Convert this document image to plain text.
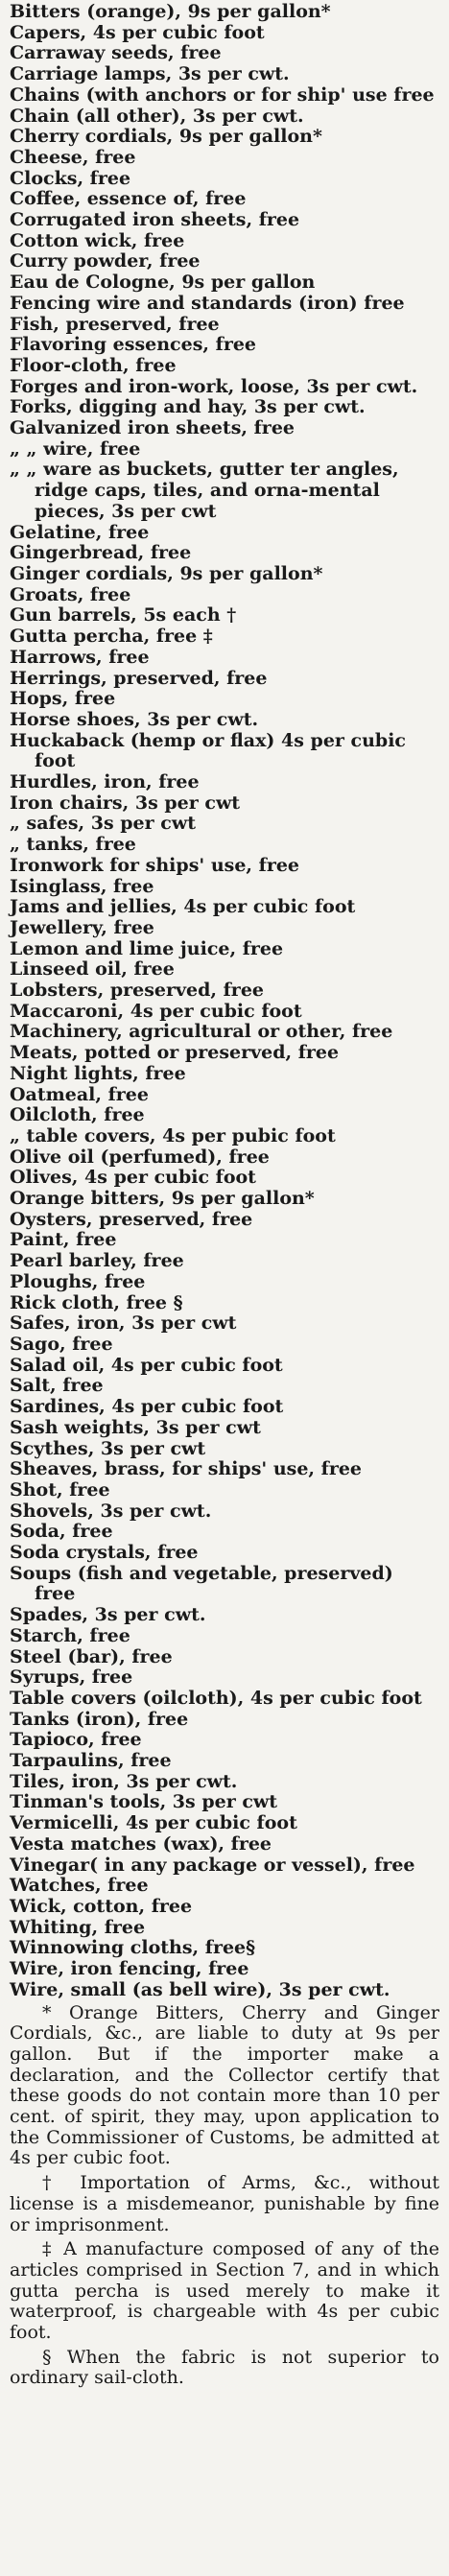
Bitters (orange), 9s per gallon*
Capers, 4s per cubic foot
Carraway seeds, free
Carriage lamps, 3s per cwt.
Chains (with anchors or for ship' use free
Chain (all other), 3s per cwt.
Cherry cordials, 9s per gallon*
Cheese, free
Clocks, free
Coffee, essence of, free
Corrugated iron sheets, free
Cotton wick, free
Curry powder, free
Eau de Cologne, 9s per gallon
Fencing wire and standards (iron) free
Fish, preserved, free
Flavoring essences, free
Floor-cloth, free
Forges and iron-work, loose, 3s per cwt.
Forks, digging and hay, 3s per cwt.
Galvanized iron sheets, free
„ „ wire, free
„ „ ware as buckets, gutter ter angles, ridge caps, tiles, and orna-mental pieces, 3s per cwt
Gelatine, free
Gingerbread, free
Ginger cordials, 9s per gallon*
Groats, free
Gun barrels, 5s each †
Gutta percha, free ‡
Harrows, free
Herrings, preserved, free
Hops, free
Horse shoes, 3s per cwt.
Huckaback (hemp or flax) 4s per cubic foot
Hurdles, iron, free
Iron chairs, 3s per cwt
„ safes, 3s per cwt
„ tanks, free
Ironwork for ships' use, free
Isinglass, free
Jams and jellies, 4s per cubic foot
Jewellery, free
Lemon and lime juice, free
Linseed oil, free
Lobsters, preserved, free
Maccaroni, 4s per cubic foot
Machinery, agricultural or other, free
Meats, potted or preserved, free
Night lights, free
Oatmeal, free
Oilcloth, free
„ table covers, 4s per pubic foot
Olive oil (perfumed), free
Olives, 4s per cubic foot
Orange bitters, 9s per gallon*
Oysters, preserved, free
Paint, free
Pearl barley, free
Ploughs, free
Rick cloth, free §
Safes, iron, 3s per cwt
Sago, free
Salad oil, 4s per cubic foot
Salt, free
Sardines, 4s per cubic foot
Sash weights, 3s per cwt
Scythes, 3s per cwt
Sheaves, brass, for ships' use, free
Shot, free
Shovels, 3s per cwt.
Soda, free
Soda crystals, free
Soups (fish and vegetable, preserved) free
Spades, 3s per cwt.
Starch, free
Steel (bar), free
Syrups, free
Table covers (oilcloth), 4s per cubic foot
Tanks (iron), free
Tapioco, free
Tarpaulins, free
Tiles, iron, 3s per cwt.
Tinman's tools, 3s per cwt
Vermicelli, 4s per cubic foot
Vesta matches (wax), free
Vinegar( in any package or vessel), free
Watches, free
Wick, cotton, free
Whiting, free
Winnowing cloths, free§
Wire, iron fencing, free
Wire, small (as bell wire), 3s per cwt.

* Orange Bitters, Cherry and Ginger Cordials, &c., are liable to duty at 9s per gallon. But if the importer make a declaration, and the Collector certify that these goods do not contain more than 10 per cent. of spirit, they may, upon application to the Commissioner of Customs, be admitted at 4s per cubic foot.

† Importation of Arms, &c., without license is a misdemeanor, punishable by fine or imprisonment.

‡ A manufacture composed of any of the articles comprised in Section 7, and in which gutta percha is used merely to make it waterproof, is chargeable with 4s per cubic foot.

§ When the fabric is not superior to ordinary sail-cloth.
